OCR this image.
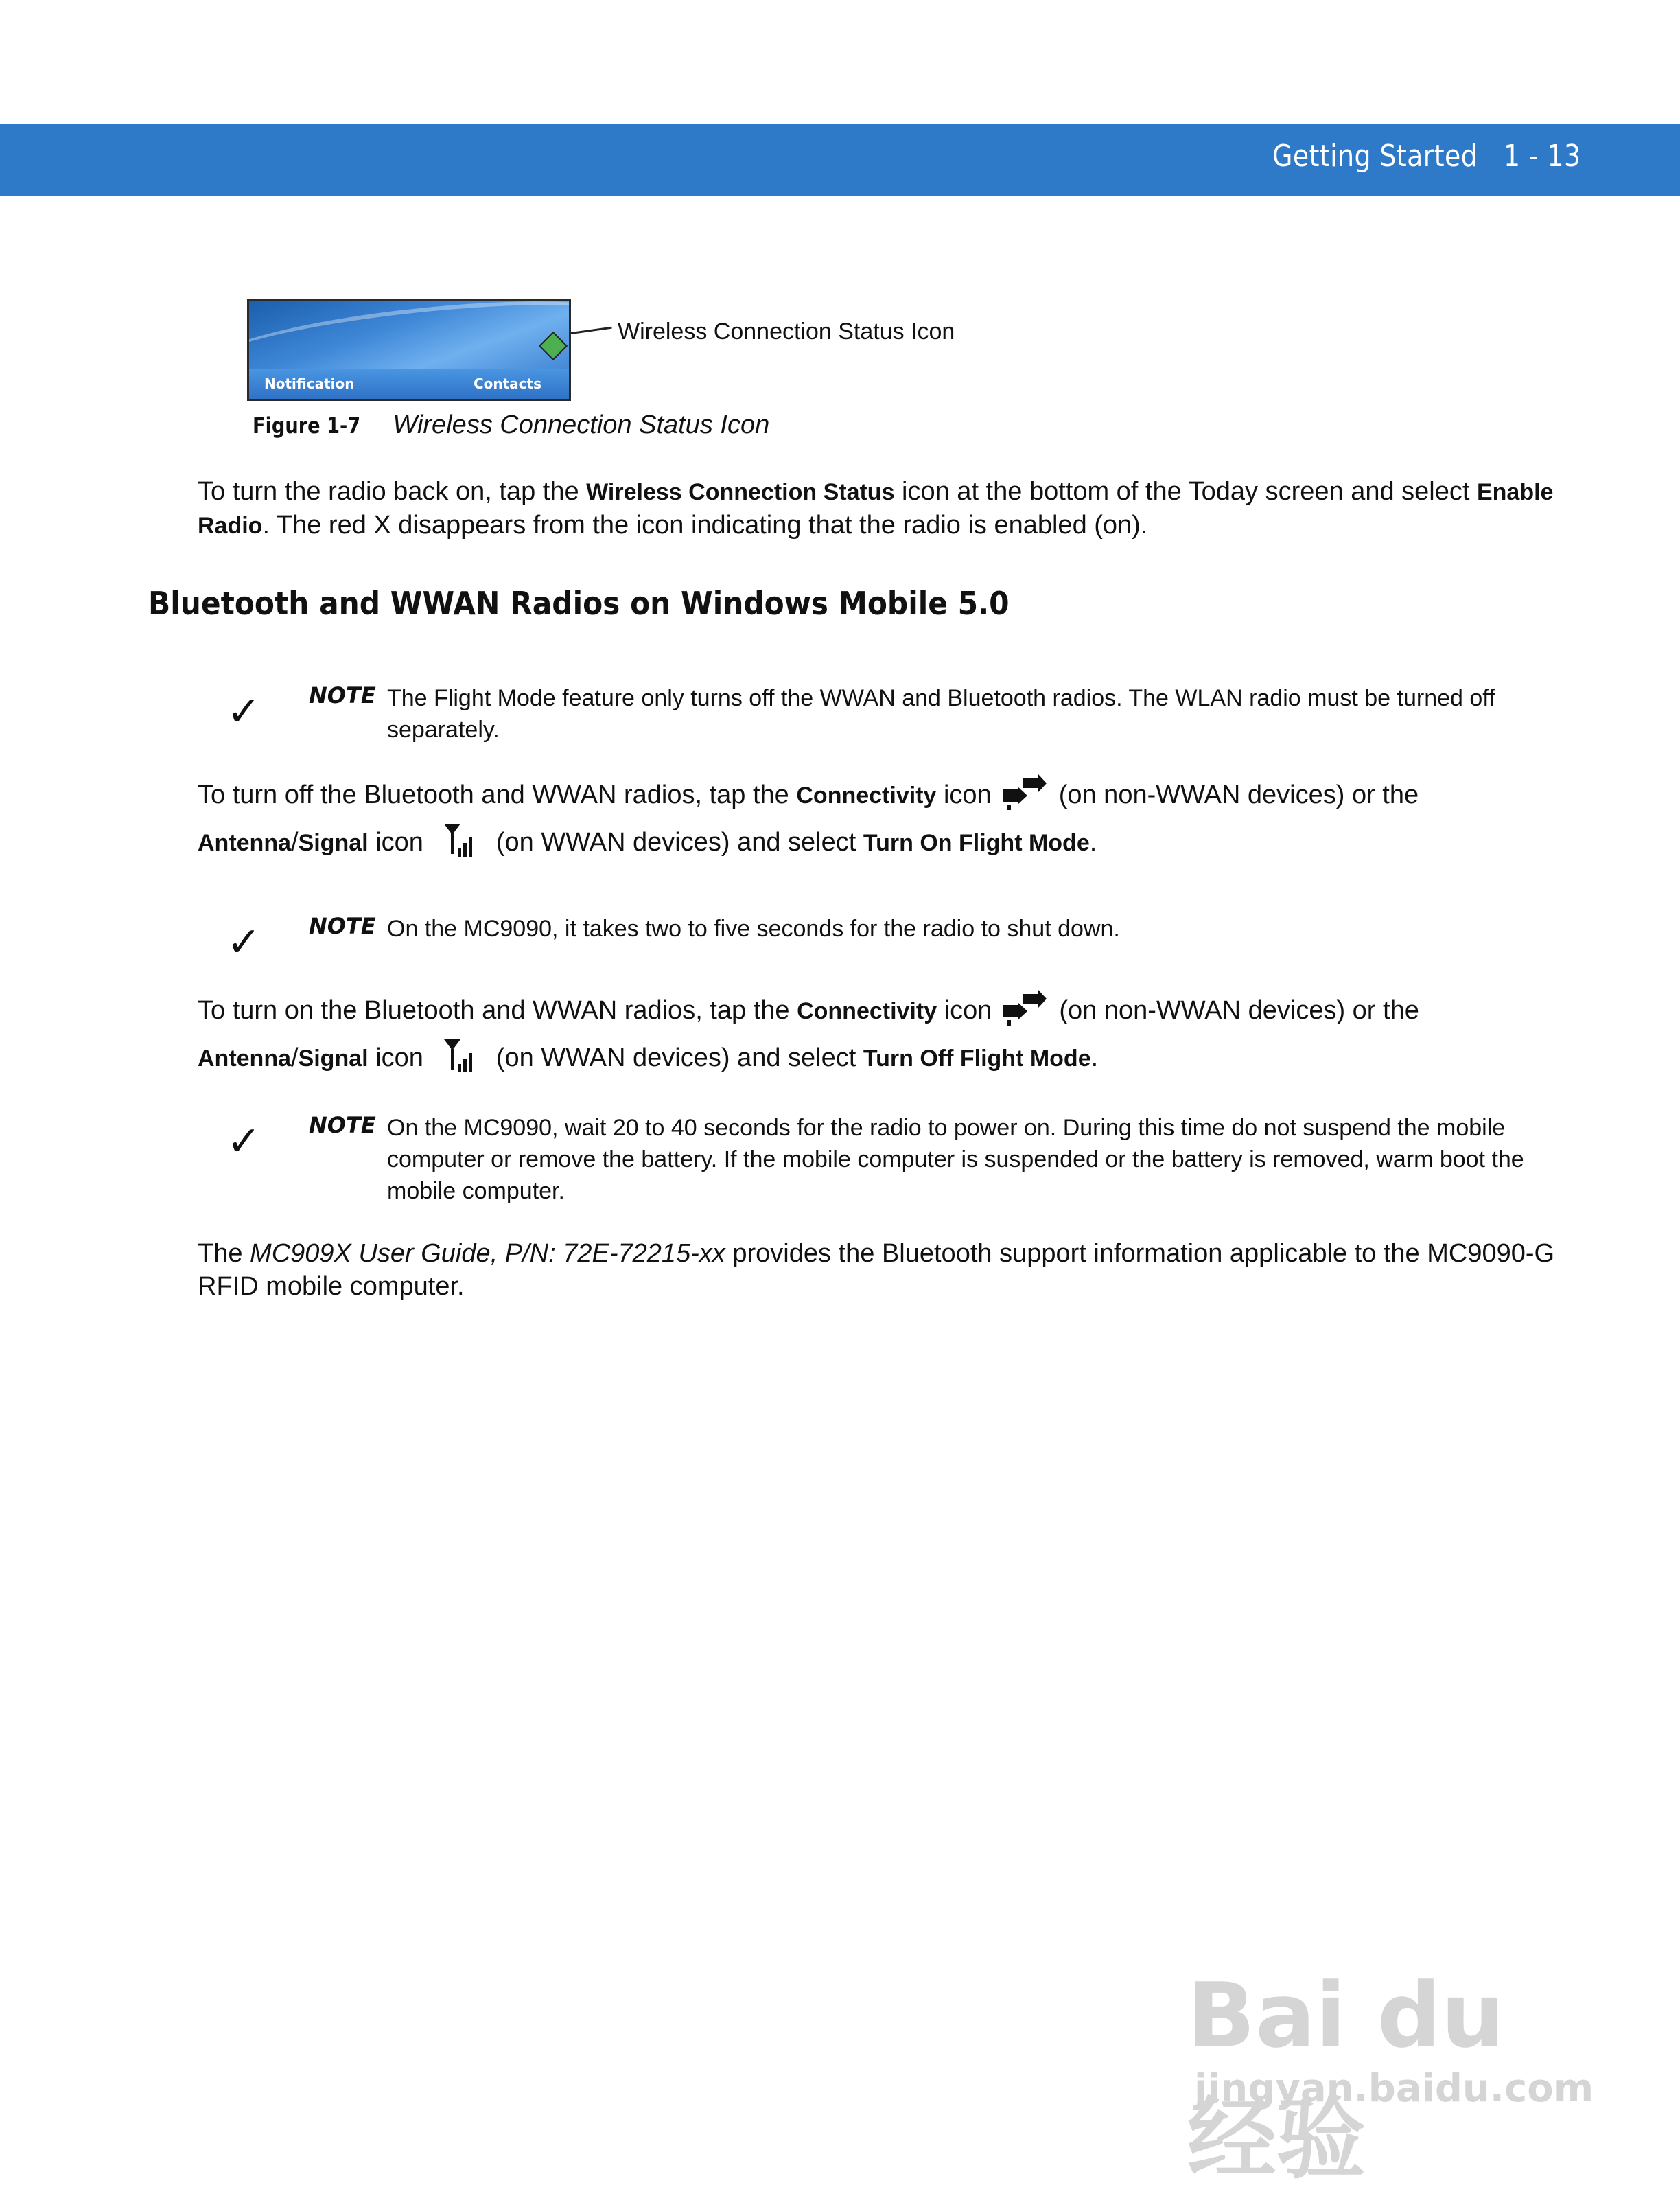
Getting Started 1 - 13
Notification	Contacts
Wireless Connection Status Icon
Figure 1-7 Wireless Connection Status Icon
To turn the radio back on, tap the Wireless Connection Status icon at the bottom of the Today screen and select Enable Radio. The red X disappears from the icon indicating that the radio is enabled (on).
Bluetooth and WWAN Radios on Windows Mobile 5.0
✓ NOTE The Flight Mode feature only turns off the WWAN and Bluetooth radios. The WLAN radio must be turned off separately.
To turn off the Bluetooth and WWAN radios, tap the Connectivity icon	(on non-WWAN devices) or the
Antenna/Signal icon	(on WWAN devices) and select Turn On Flight Mode.
✓ NOTE On the MC9090, it takes two to five seconds for the radio to shut down.
To turn on the Bluetooth and WWAN radios, tap the Connectivity icon	(on non-WWAN devices) or the
Antenna/Signal icon	(on WWAN devices) and select Turn Off Flight Mode.
✓ NOTE On the MC9090, wait 20 to 40 seconds for the radio to power on. During this time do not suspend the mobile computer or remove the battery. If the mobile computer is suspended or the battery is removed, warm boot the mobile computer.
The MC909X User Guide, P/N: 72E-72215-xx provides the Bluetooth support information applicable to the MC9090-G RFID mobile computer.
Bai du 经验
jingyan.baidu.com
